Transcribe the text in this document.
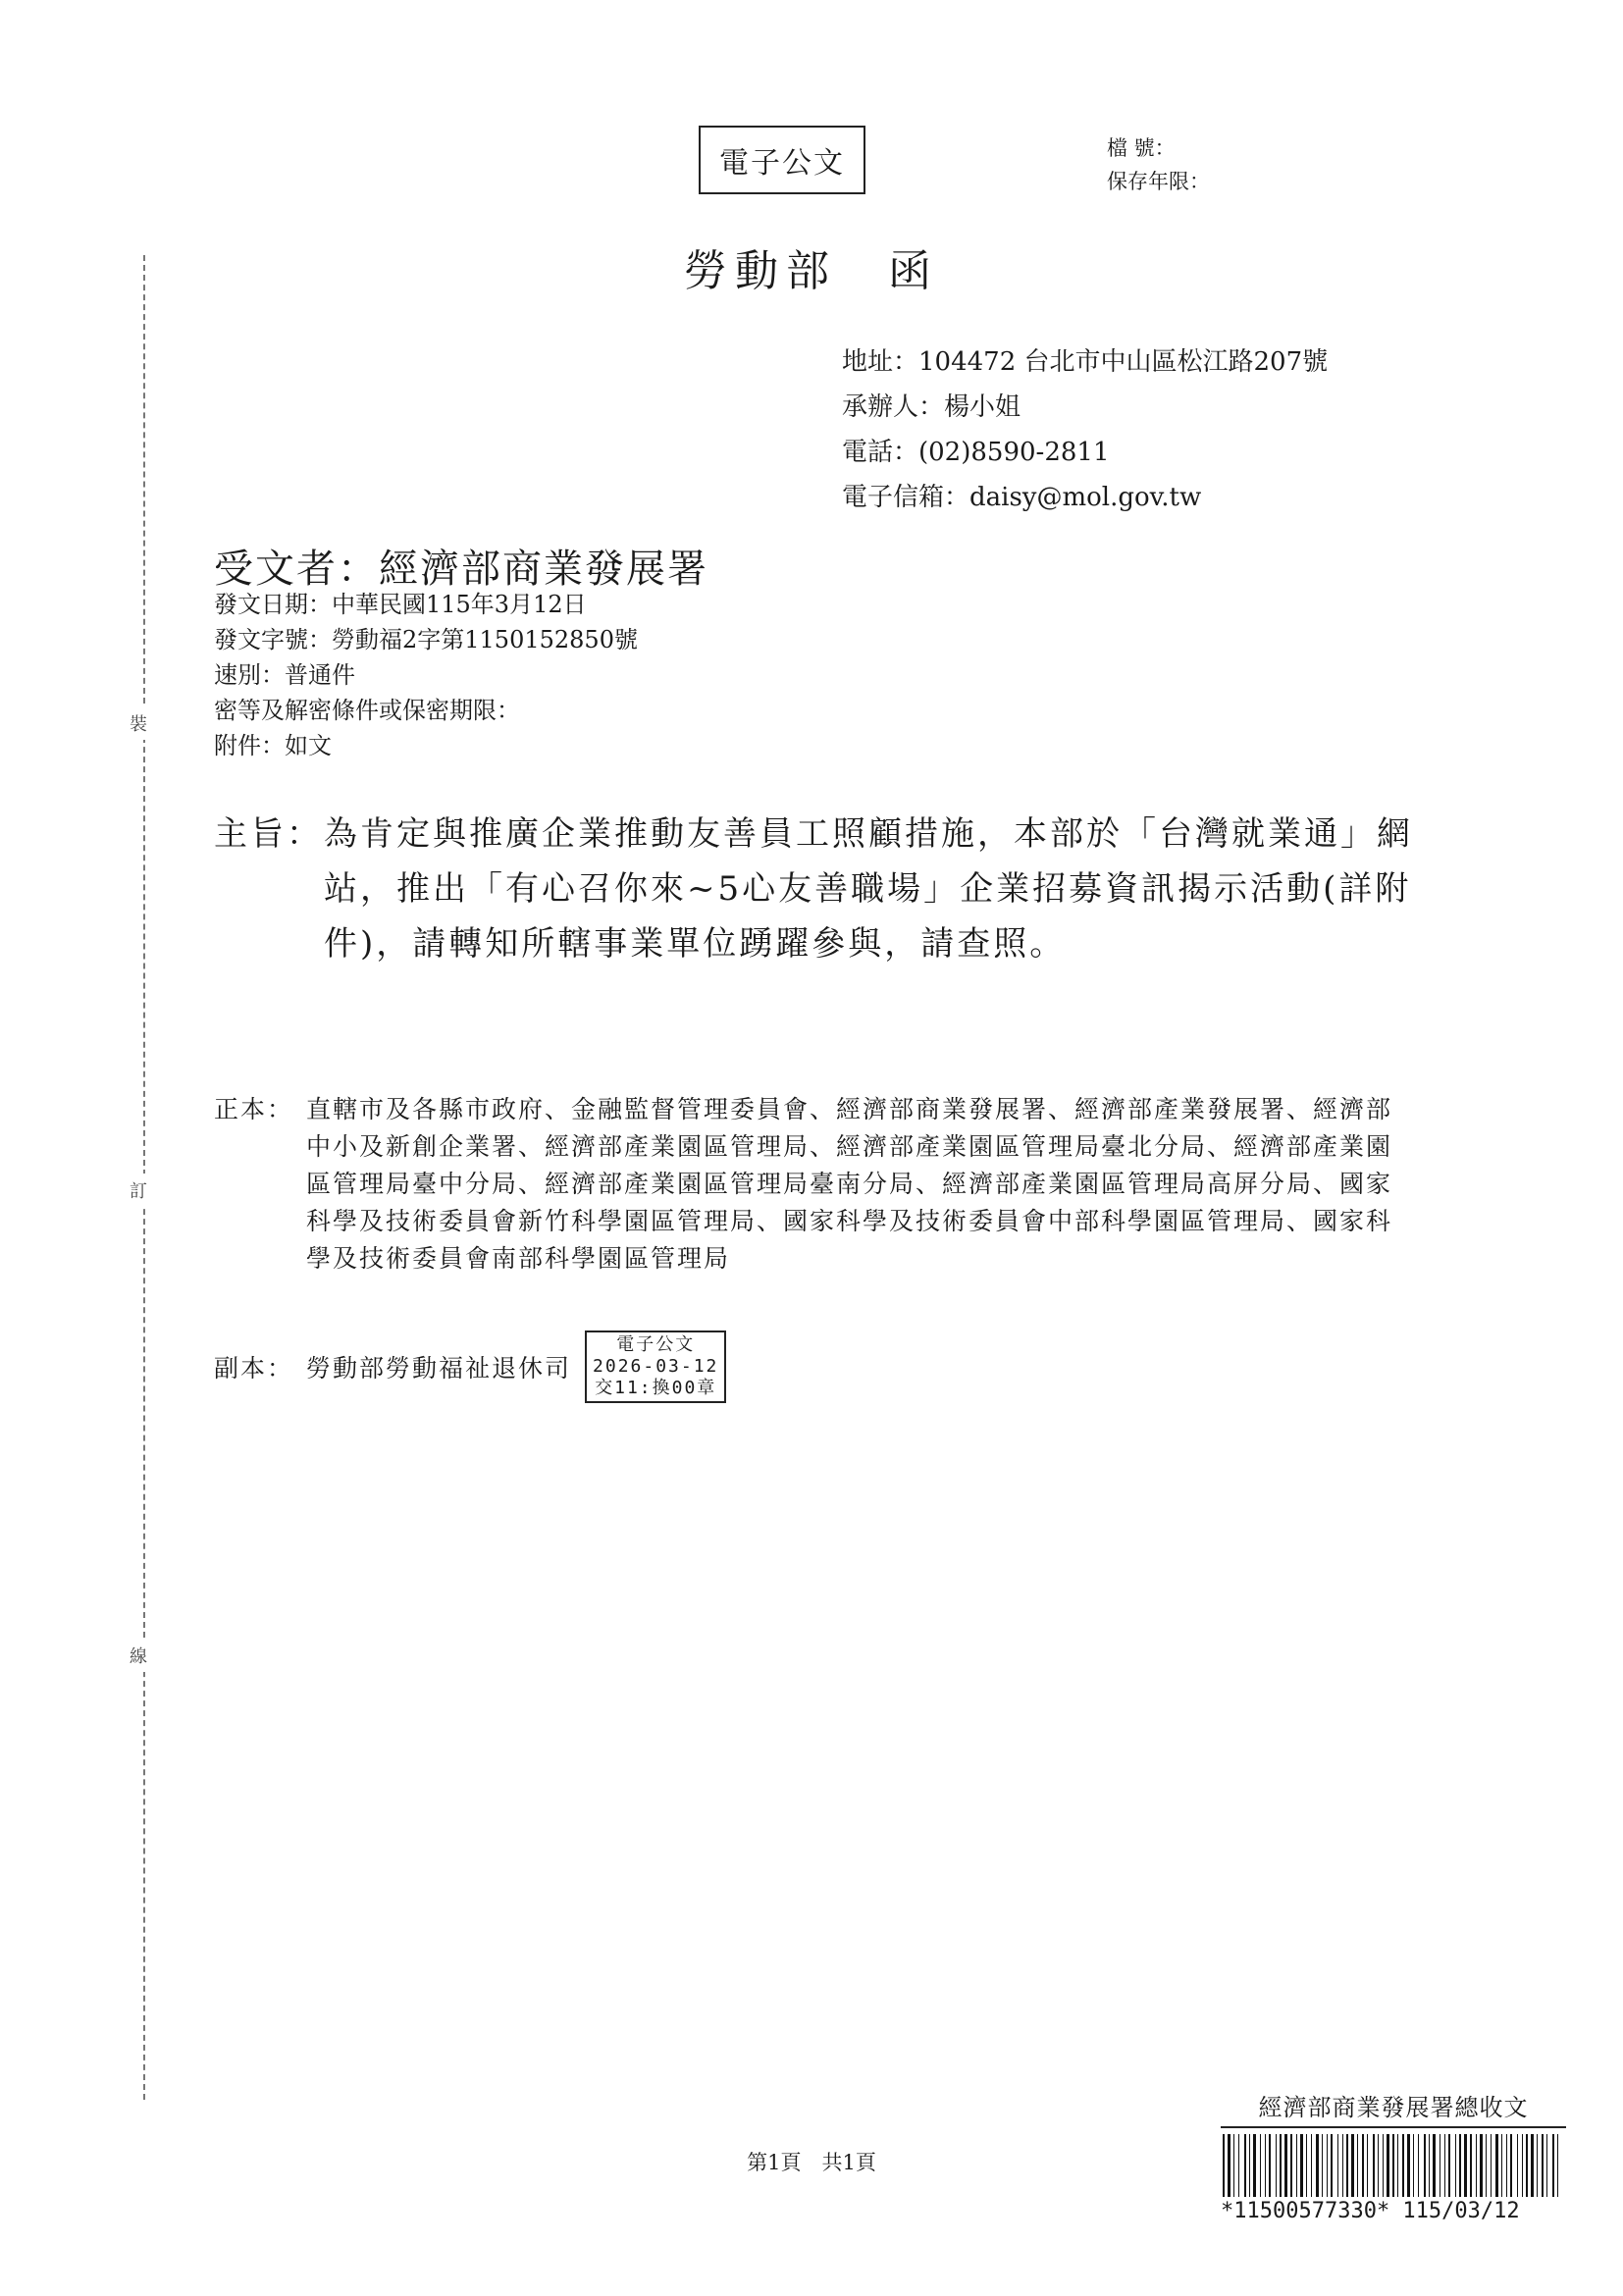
電子公文	檔 號：
保存年限：
勞動部 函
地址：104472 台北市中山區松江路207號
承辦人：楊小姐
電話：(02)8590-2811
電子信箱：daisy@mol.gov.tw
受文者：經濟部商業發展署
發文日期：中華民國115年3月12日
發文字號：勞動福2字第1150152850號
速別：普通件
密等及解密條件或保密期限：
附件：如文
主旨： 為肯定與推廣企業推動友善員工照顧措施，本部於「台灣就業通」網站，推出「有心召你來~5心友善職場」企業招募資訊揭示活動(詳附件)，請轉知所轄事業單位踴躍參與，請查照。
正本： 直轄市及各縣市政府、金融監督管理委員會、經濟部商業發展署、經濟部產業發展署、經濟部中小及新創企業署、經濟部產業園區管理局、經濟部產業園區管理局臺北分局、經濟部產業園區管理局臺中分局、經濟部產業園區管理局臺南分局、經濟部產業園區管理局高屏分局、國家科學及技術委員會新竹科學園區管理局、國家科學及技術委員會中部科學園區管理局、國家科學及技術委員會南部科學園區管理局
副本： 勞動部勞動福祉退休司
電子公文
2026-03-12
交11:換00章
裝
訂
線
第1頁　共1頁
經濟部商業發展署總收文
*11500577330* 115/03/12
